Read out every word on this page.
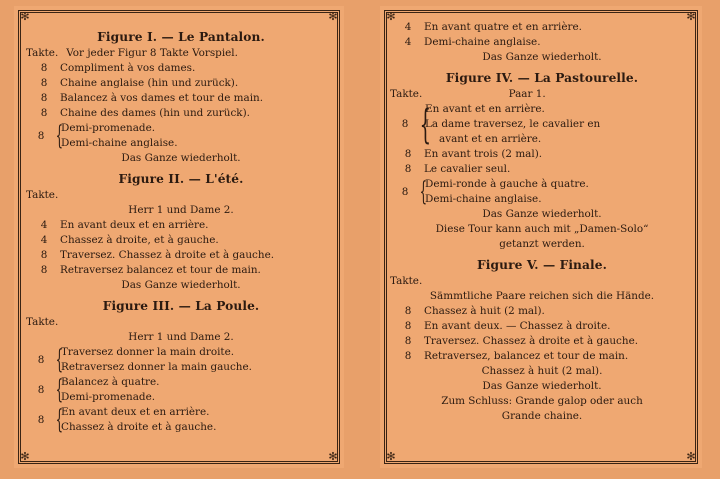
✻	✻
✻	✻
Figure I. — Le Pantalon.
Takte. Vor jeder Figur 8 Takte Vorspiel.
8	Compliment à vos dames.
8	Chaine anglaise (hin und zurück).
8	Balancez à vos dames et tour de main.
8	Chaine des dames (hin und zurück).
8 {
Demi-promenade.
Demi-chaine anglaise.
Das Ganze wiederholt.
Figure II. — L'été.
Takte.
Herr 1 und Dame 2.
4	En avant deux et en arrière.
4	Chassez à droite, et à gauche.
8	Traversez. Chassez à droite et à gauche.
8	Retraversez balancez et tour de main.
Das Ganze wiederholt.
Figure III. — La Poule.
Takte.
Herr 1 und Dame 2.
8 {
Traversez donner la main droite.
Retraversez donner la main gauche.
8 {
Balancez à quatre.
Demi-promenade.
8 {
En avant deux et en arrière.
Chassez à droite et à gauche.
✻	✻
✻	✻
4	En avant quatre et en arrière.
4	Demi-chaine anglaise.
Das Ganze wiederholt.
Figure IV. — La Pastourelle.
Takte.	Paar 1.
8 {
En avant et en arrière.
La dame traversez, le cavalier en
avant et en arrière.
8	En avant trois (2 mal).
8	Le cavalier seul.
8 {
Demi-ronde à gauche à quatre.
Demi-chaine anglaise.
Das Ganze wiederholt.
Diese Tour kann auch mit „Damen-Solo“
getanzt werden.
Figure V. — Finale.
Takte.
Sämmtliche Paare reichen sich die Hände.
8	Chassez à huit (2 mal).
8	En avant deux. — Chassez à droite.
8	Traversez. Chassez à droite et à gauche.
8	Retraversez, balancez et tour de main.
Chassez à huit (2 mal).
Das Ganze wiederholt.
Zum Schluss: Grande galop oder auch
Grande chaine.
